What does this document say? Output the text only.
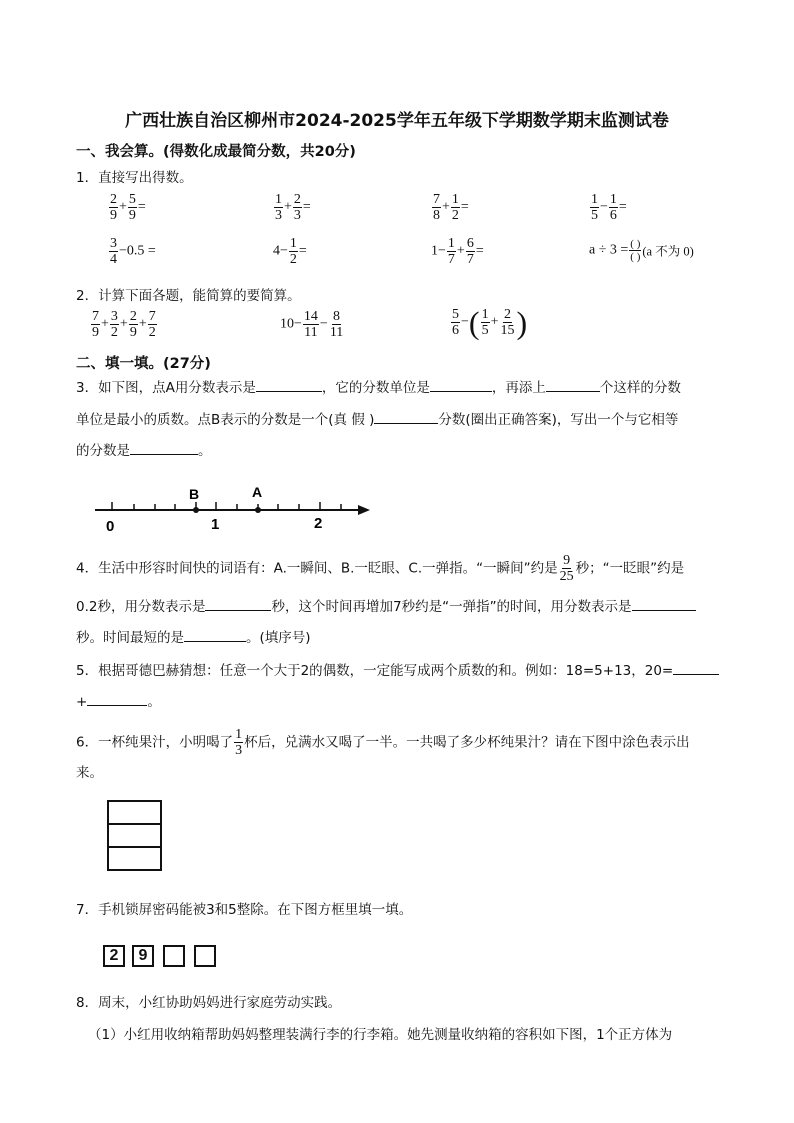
广西壮族自治区柳州市2024-2025学年五年级下学期数学期末监测试卷
一、我会算。(得数化成最简分数，共20分)
1．直接写出得数。
$\frac{2}{9} + \frac{5}{9}$ =	$\frac{1}{3} + \frac{2}{3}$ =	$\frac{7}{8} + \frac{1}{2}$ =	$\frac{1}{5} - \frac{1}{6}$ =
$\frac{3}{4} -0.5$ =	$4- \frac{1}{2}$ =	$1- \frac{1}{7} + \frac{6}{7}$ =	$a \div 3 = \frac{( )}{( )} (a$ 不为 0)
2．计算下面各题，能简算的要简算。
$\frac{7}{9} + \frac{3}{2} + \frac{2}{9} + \frac{7}{2}$	$10- \frac{14}{11} - \frac{8}{11}$	$\frac{5}{6}$ −( $\frac{1}{5} + \frac{2}{15}$ )
二、填一填。(27分)
3．如下图，点A用分数表示是	，它的分数单位是	，再添上	个这样的分数
单位是最小的质数。点B表示的分数是一个(真 假 )	分数(圈出正确答案)，写出一个与它相等
的分数是	。
B	A
0	1	2
4．生活中形容时间快的词语有：A.一瞬间、B.一眨眼、C.一弹指。“一瞬间”约是 $\frac{9}{25}$ 秒；“一眨眼”约是
0.2秒，用分数表示是	秒，这个时间再增加7秒约是“一弹指”的时间，用分数表示是
秒。时间最短的是	。(填序号)
5．根据哥德巴赫猜想：任意一个大于2的偶数，一定能写成两个质数的和。例如：18=5+13，20=
+	。
6．一杯纯果汁，小明喝了 $\frac{1}{3}$ 杯后，兑满水又喝了一半。一共喝了多少杯纯果汁？请在下图中涂色表示出
来。
7．手机锁屏密码能被3和5整除。在下图方框里填一填。
2	9
8．周末，小红协助妈妈进行家庭劳动实践。
（1）小红用收纳箱帮助妈妈整理装满行李的行李箱。她先测量收纳箱的容积如下图，1个正方体为
